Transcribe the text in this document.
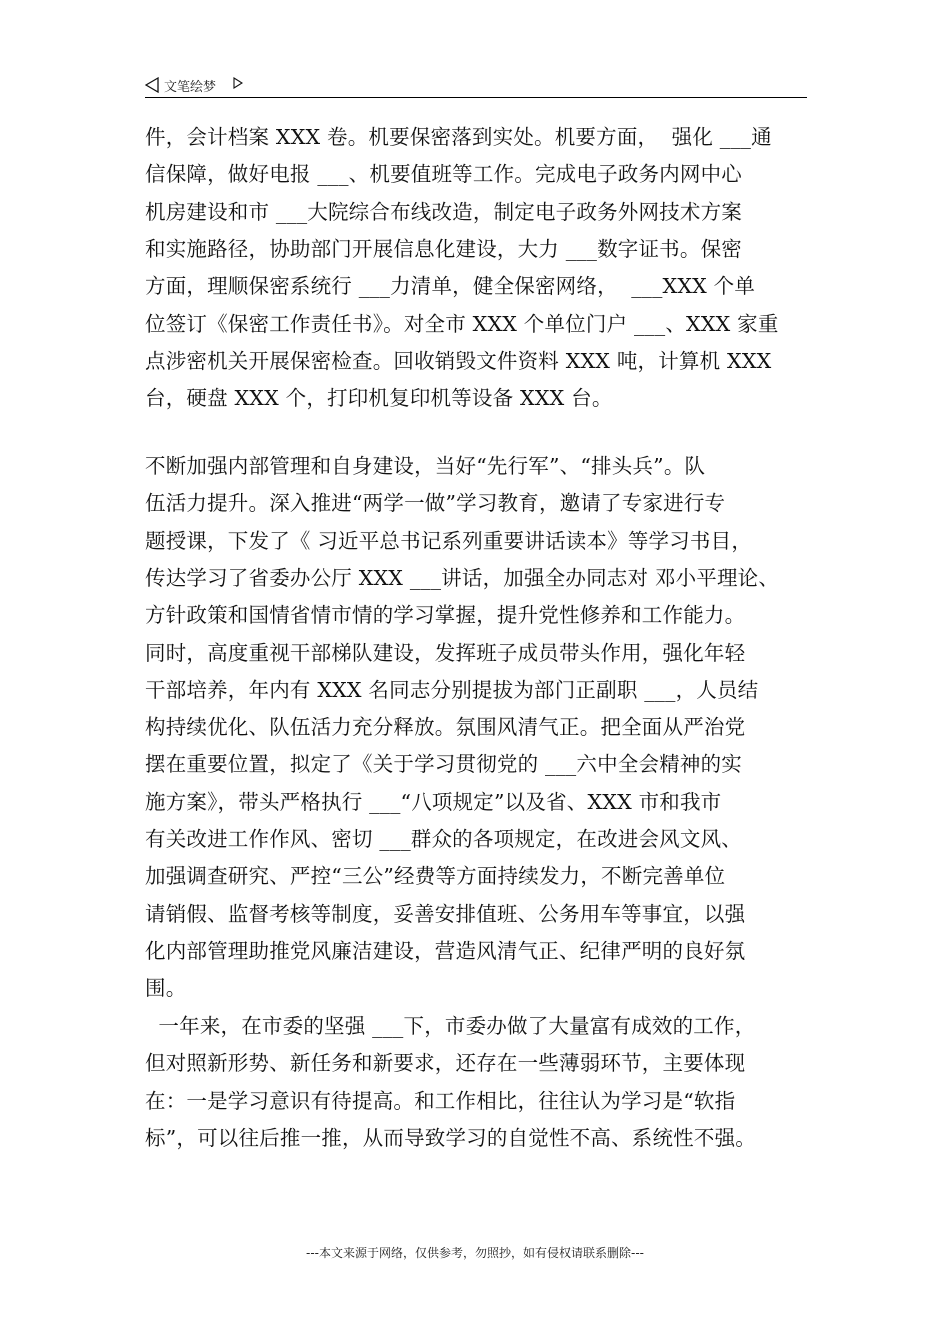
文笔绘梦
件，会计档案 XXX 卷。机要保密落到实处。机要方面，  强化 ___通
信保障，做好电报 ___、机要值班等工作。完成电子政务内网中心
机房建设和市 ___大院综合布线改造，制定电子政务外网技术方案
和实施路径，协助部门开展信息化建设，大力 ___数字证书。保密
方面，理顺保密系统行 ___力清单，健全保密网络，  ___XXX 个单
位签订《保密工作责任书》。对全市 XXX 个单位门户 ___、XXX 家重
点涉密机关开展保密检查。回收销毁文件资料 XXX 吨，计算机 XXX
台，硬盘 XXX 个，打印机复印机等设备 XXX 台。
不断加强内部管理和自身建设，当好“先行军”、“排头兵”。队
伍活力提升。深入推进“两学一做”学习教育，邀请了专家进行专
题授课，下发了《 习近平总书记系列重要讲话读本》等学习书目，
传达学习了省委办公厅 XXX ___讲话，加强全办同志对 邓小平理论、
方针政策和国情省情市情的学习掌握，提升党性修养和工作能力。
同时，高度重视干部梯队建设，发挥班子成员带头作用，强化年轻
干部培养，年内有 XXX 名同志分别提拔为部门正副职 ___，人员结
构持续优化、队伍活力充分释放。氛围风清气正。把全面从严治党
摆在重要位置，拟定了《关于学习贯彻党的 ___六中全会精神的实
施方案》，带头严格执行 ___“八项规定”以及省、XXX 市和我市
有关改进工作作风、密切 ___群众的各项规定，在改进会风文风、
加强调查研究、严控“三公”经费等方面持续发力，不断完善单位
请销假、监督考核等制度，妥善安排值班、公务用车等事宜，以强
化内部管理助推党风廉洁建设，营造风清气正、纪律严明的良好氛
围。
一年来，在市委的坚强 ___下，市委办做了大量富有成效的工作，
但对照新形势、新任务和新要求，还存在一些薄弱环节，主要体现
在：一是学习意识有待提高。和工作相比，往往认为学习是“软指
标”，可以往后推一推，从而导致学习的自觉性不高、系统性不强。
---本文来源于网络，仅供参考，勿照抄，如有侵权请联系删除---
